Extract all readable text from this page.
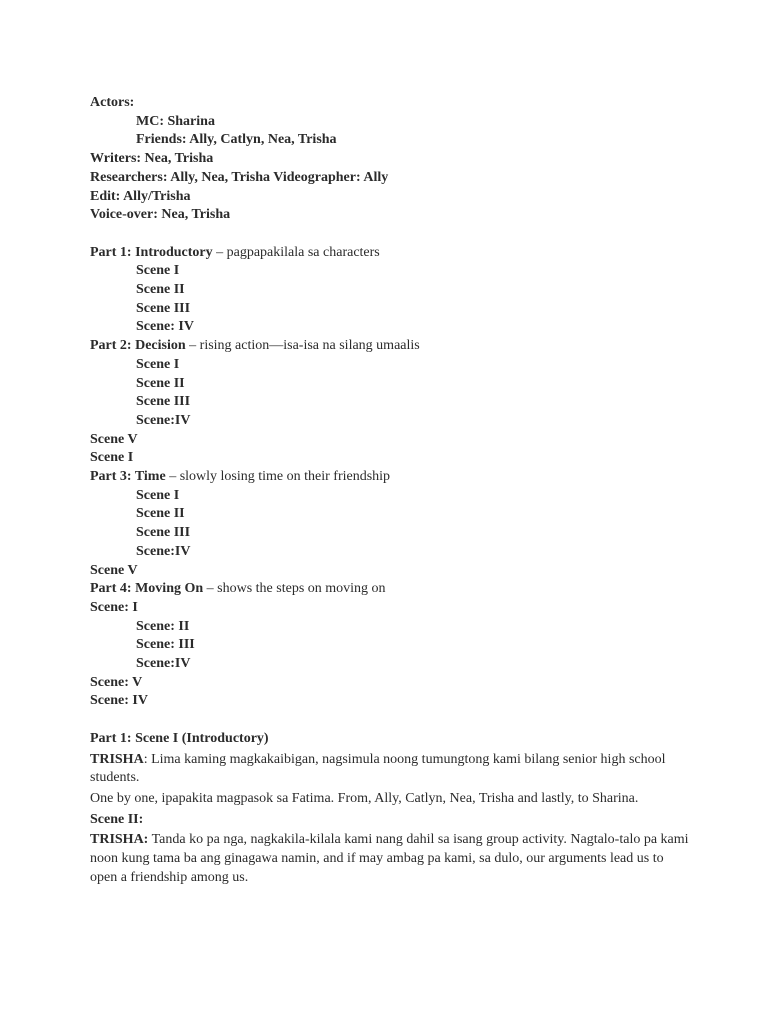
Actors:
MC: Sharina
Friends: Ally, Catlyn, Nea, Trisha
Writers: Nea, Trisha
Researchers: Ally, Nea, Trisha Videographer: Ally
Edit: Ally/Trisha
Voice-over: Nea, Trisha
Part 1: Introductory – pagpapakilala sa characters
Scene I
Scene II
Scene III
Scene: IV
Part 2: Decision – rising action—isa-isa na silang umaalis
Scene I
Scene II
Scene III
Scene:IV
Scene V
Scene I
Part 3: Time – slowly losing time on their friendship
Scene I
Scene II
Scene III
Scene:IV
Scene V
Part 4: Moving On – shows the steps on moving on
Scene: I
Scene: II
Scene: III
Scene:IV
Scene: V
Scene: IV
Part 1: Scene I (Introductory)
TRISHA: Lima kaming magkakaibigan, nagsimula noong tumungtong kami bilang senior high school students.
One by one, ipapakita magpasok sa Fatima. From, Ally, Catlyn, Nea, Trisha and lastly, to Sharina.
Scene II:
TRISHA: Tanda ko pa nga, nagkakila-kilala kami nang dahil sa isang group activity. Nagtalo-talo pa kami noon kung tama ba ang ginagawa namin, and if may ambag pa kami, sa dulo, our arguments lead us to open a friendship among us.
